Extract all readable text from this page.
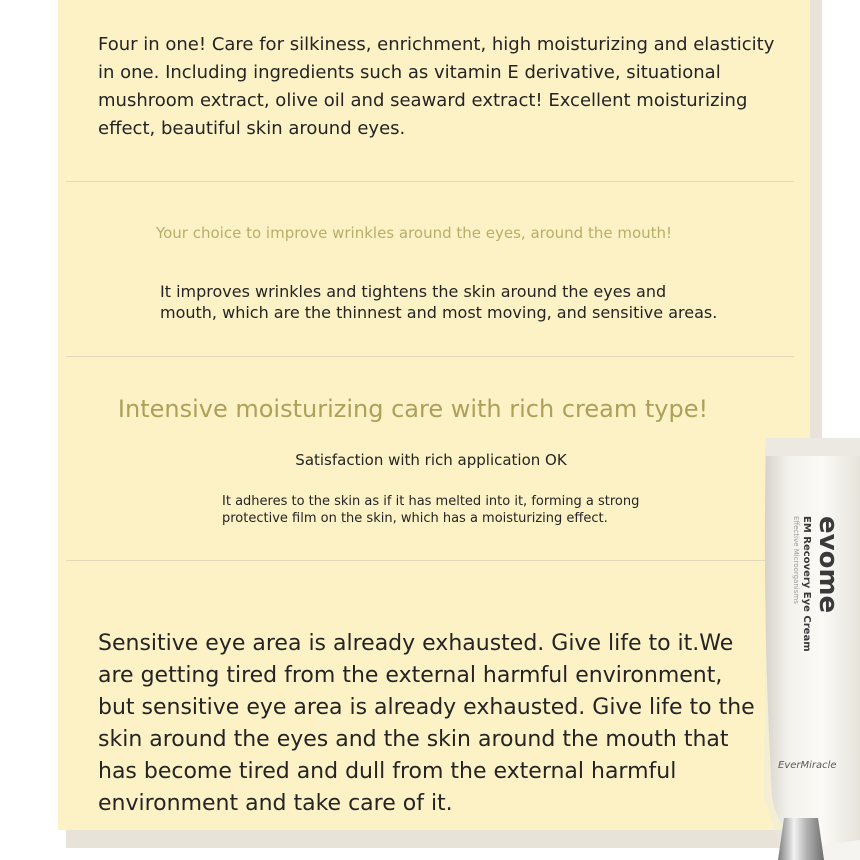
Four in one! Care for silkiness, enrichment, high moisturizing and elasticity in one. Including ingredients such as vitamin E derivative, situational mushroom extract, olive oil and seaward extract! Excellent moisturizing effect, beautiful skin around eyes.

Your choice to improve wrinkles around the eyes, around the mouth!

It improves wrinkles and tightens the skin around the eyes and mouth, which are the thinnest and most moving, and sensitive areas.

Intensive moisturizing care with rich cream type!

Satisfaction with rich application OK

It adheres to the skin as if it has melted into it, forming a strong protective film on the skin, which has a moisturizing effect.

Sensitive eye area is already exhausted. Give life to it.We are getting tired from the external harmful environment, but sensitive eye area is already exhausted. Give life to the skin around the eyes and the skin around the mouth that has become tired and dull from the external harmful environment and take care of it.

evome
EM Recovery Eye Cream
Effective Microorganisms
EverMiracle
